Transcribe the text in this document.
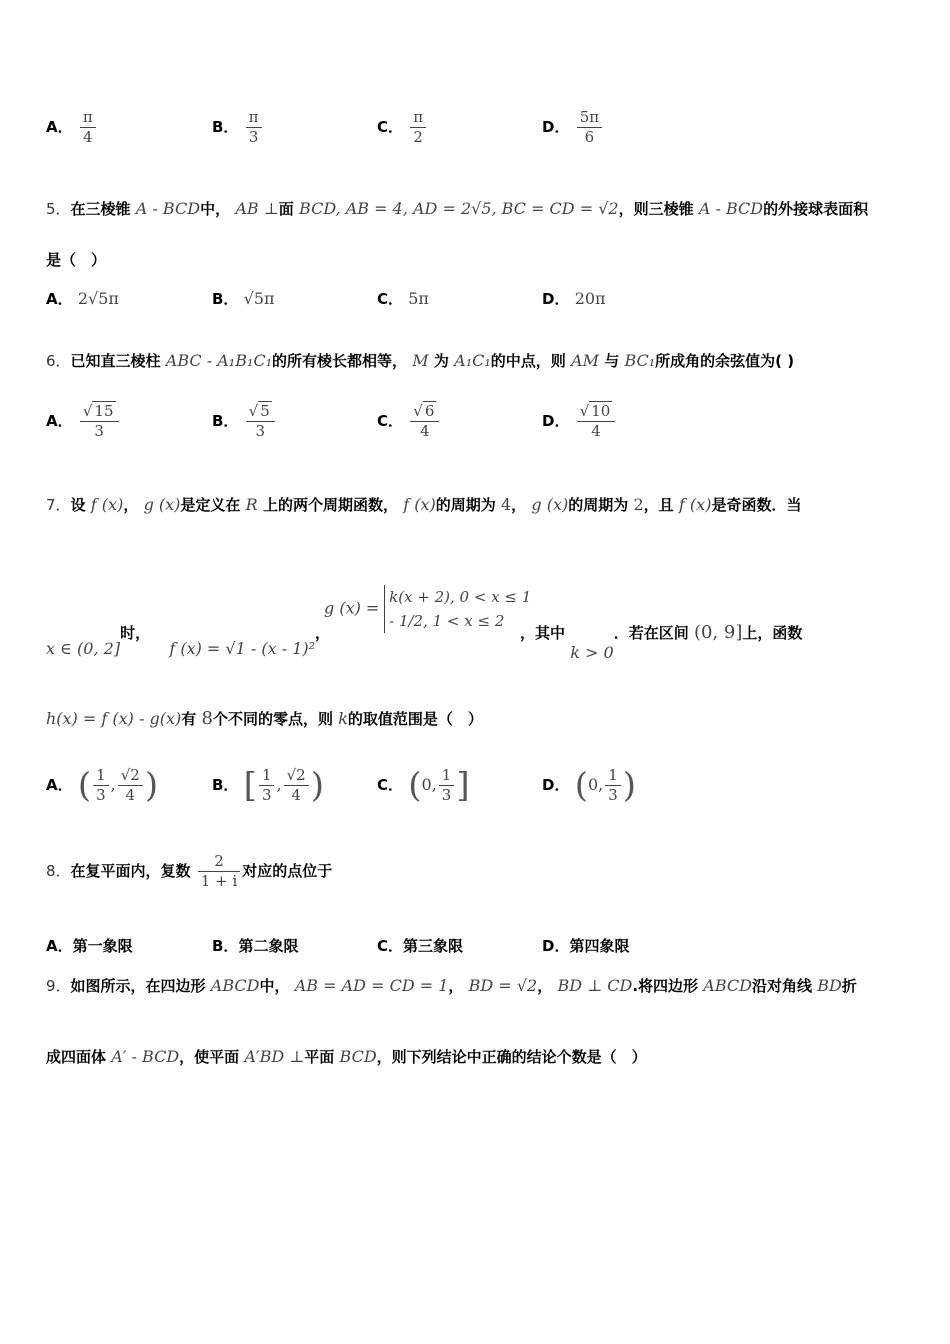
A． $\frac{\pi}{4}$	B． $\frac{\pi}{3}$	C． $\frac{\pi}{2}$	D． $\frac{5\pi}{6}$
5．在三棱锥 A - BCD中， AB ⊥面 BCD, AB = 4, AD = 2√5, BC = CD = √2，则三棱锥 A - BCD的外接球表面积
是（　）
A． 2√5π	B． √5π	C． 5π	D． 20π
6．已知直三棱柱 ABC - A₁B₁C₁的所有棱长都相等， M 为 A₁C₁的中点，则 AM 与 BC₁所成角的余弦值为( )
A． $\frac{√ 15}{3}$	B． $\frac{√ 5}{3}$	C． $\frac{√ 6}{4}$	D． $\frac{√ 10}{4}$
7．设 f (x)， g (x)是定义在 R 上的两个周期函数， f (x)的周期为 4， g (x)的周期为 2，且 f (x)是奇函数．当
x ∈ (0, 2]时， f (x) = √1 - (x - 1)²，
g (x) =
k(x + 2), 0 < x ≤ 1
- 1/2, 1 < x ≤ 2
，其中 k > 0．若在区间 (0, 9]上，函数
h(x) = f (x) - g(x)有 8个不同的零点，则 k的取值范围是（　）
A． ( $\frac{1}{3}$ , $\frac{√2}{4}$ )	B． [ $\frac{1}{3}$ , $\frac{√2}{4}$ )	C． (0, $\frac{1}{3}$ ]	D． (0, $\frac{1}{3}$ )
8．在复平面内，复数 $\frac{2}{1 + i}$ 对应的点位于
A．第一象限	B．第二象限	C．第三象限	D．第四象限
9．如图所示，在四边形 ABCD中， AB = AD = CD = 1， BD = √2， BD ⊥ CD.将四边形 ABCD沿对角线 BD折
成四面体 A′ - BCD，使平面 A′BD ⊥平面 BCD，则下列结论中正确的结论个数是（　）
